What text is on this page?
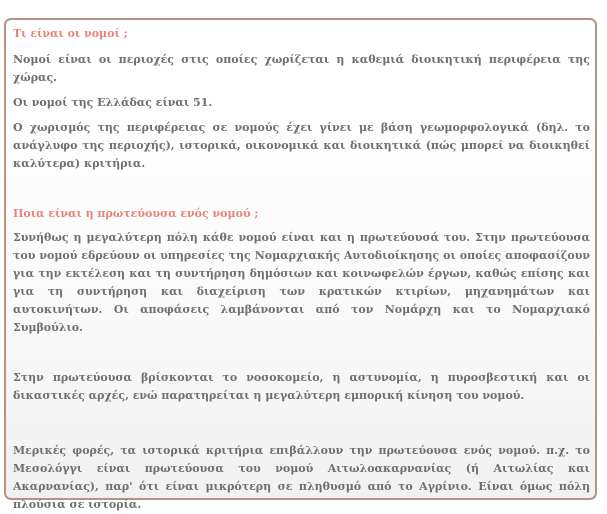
Τι είναι οι νομοί ;

Νομοί είναι οι περιοχές στις οποίες χωρίζεται η καθεμιά διοικητική περιφέρεια της χώρας.

Οι νομοί της Ελλάδας είναι 51.

Ο χωρισμός της περιφέρειας σε νομούς έχει γίνει με βάση γεωμορφολογικά (δηλ. το ανάγλυφο της περιοχής), ιστορικά, οικονομικά και διοικητικά (πώς μπορεί να διοικηθεί καλύτερα) κριτήρια.

Ποια είναι η πρωτεύουσα ενός νομού ;

Συνήθως η μεγαλύτερη πόλη κάθε νομού είναι και η πρωτεύουσά του. Στην πρωτεύουσα του νομού εδρεύουν οι υπηρεσίες της Νομαρχιακής Αυτοδιοίκησης οι οποίες αποφασίζουν για την εκτέλεση και τη συντήρηση δημόσιων και κοινωφελών έργων, καθώς επίσης και για τη συντήρηση και διαχείριση των κρατικών κτιρίων, μηχανημάτων και αυτοκινήτων. Οι αποφάσεις λαμβάνονται από τον Νομάρχη και το Νομαρχιακό Συμβούλιο.

Στην πρωτεύουσα βρίσκονται το νοσοκομείο, η αστυνομία, η πυροσβεστική και οι δικαστικές αρχές, ενώ παρατηρείται η μεγαλύτερη εμπορική κίνηση του νομού.

Μερικές φορές, τα ιστορικά κριτήρια επιβάλλουν την πρωτεύουσα ενός νομού. π.χ. το Μεσολόγγι είναι πρωτεύουσα του νομού Αιτωλοακαρνανίας (ή Αιτωλίας και Ακαρνανίας), παρ' ότι είναι μικρότερη σε πληθυσμό από το Αγρίνιο. Είναι όμως πόλη πλούσια σε ιστορία.
